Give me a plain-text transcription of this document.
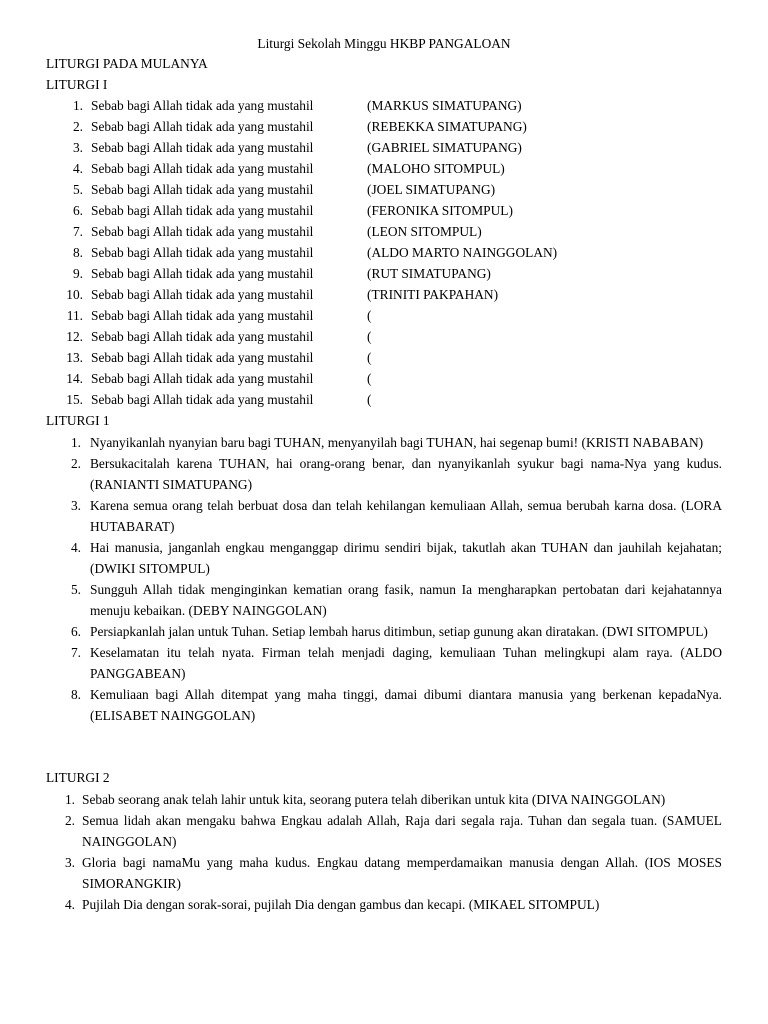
Liturgi Sekolah Minggu HKBP PANGALOAN
LITURGI PADA MULANYA
LITURGI I
1. Sebab bagi Allah tidak ada yang mustahil	(MARKUS SIMATUPANG)
2. Sebab bagi Allah tidak ada yang mustahil	(REBEKKA SIMATUPANG)
3. Sebab bagi Allah tidak ada yang mustahil	(GABRIEL SIMATUPANG)
4. Sebab bagi Allah tidak ada yang mustahil	(MALOHO SITOMPUL)
5. Sebab bagi Allah tidak ada yang mustahil	(JOEL SIMATUPANG)
6. Sebab bagi Allah tidak ada yang mustahil	(FERONIKA SITOMPUL)
7. Sebab bagi Allah tidak ada yang mustahil	(LEON SITOMPUL)
8. Sebab bagi Allah tidak ada yang mustahil	(ALDO MARTO NAINGGOLAN)
9. Sebab bagi Allah tidak ada yang mustahil	(RUT SIMATUPANG)
10. Sebab bagi Allah tidak ada yang mustahil	(TRINITI PAKPAHAN)
11. Sebab bagi Allah tidak ada yang mustahil	(
12. Sebab bagi Allah tidak ada yang mustahil	(
13. Sebab bagi Allah tidak ada yang mustahil	(
14. Sebab bagi Allah tidak ada yang mustahil	(
15. Sebab bagi Allah tidak ada yang mustahil	(
LITURGI 1
1. Nyanyikanlah nyanyian baru bagi TUHAN, menyanyilah bagi TUHAN, hai segenap bumi! (KRISTI NABABAN)
2. Bersukacitalah karena TUHAN, hai orang-orang benar, dan nyanyikanlah syukur bagi nama-Nya yang kudus. (RANIANTI SIMATUPANG)
3. Karena semua orang telah berbuat dosa dan telah kehilangan kemuliaan Allah, semua berubah karna dosa. (LORA HUTABARAT)
4. Hai manusia, janganlah engkau menganggap dirimu sendiri bijak, takutlah akan TUHAN dan jauhilah kejahatan; (DWIKI SITOMPUL)
5. Sungguh Allah tidak menginginkan kematian orang fasik, namun Ia mengharapkan pertobatan dari kejahatannya menuju kebaikan. (DEBY NAINGGOLAN)
6. Persiapkanlah jalan untuk Tuhan. Setiap lembah harus ditimbun, setiap gunung akan diratakan. (DWI SITOMPUL)
7. Keselamatan itu telah nyata. Firman telah menjadi daging, kemuliaan Tuhan melingkupi alam raya. (ALDO PANGGABEAN)
8. Kemuliaan bagi Allah ditempat yang maha tinggi, damai dibumi diantara manusia yang berkenan kepadaNya. (ELISABET NAINGGOLAN)
LITURGI 2
1. Sebab seorang anak telah lahir untuk kita, seorang putera telah diberikan untuk kita (DIVA NAINGGOLAN)
2. Semua lidah akan mengaku bahwa Engkau adalah Allah, Raja dari segala raja. Tuhan dan segala tuan. (SAMUEL NAINGGOLAN)
3. Gloria bagi namaMu yang maha kudus. Engkau datang memperdamaikan manusia dengan Allah. (IOS MOSES SIMORANGKIR)
4. Pujilah Dia dengan sorak-sorai, pujilah Dia dengan gambus dan kecapi. (MIKAEL SITOMPUL)
